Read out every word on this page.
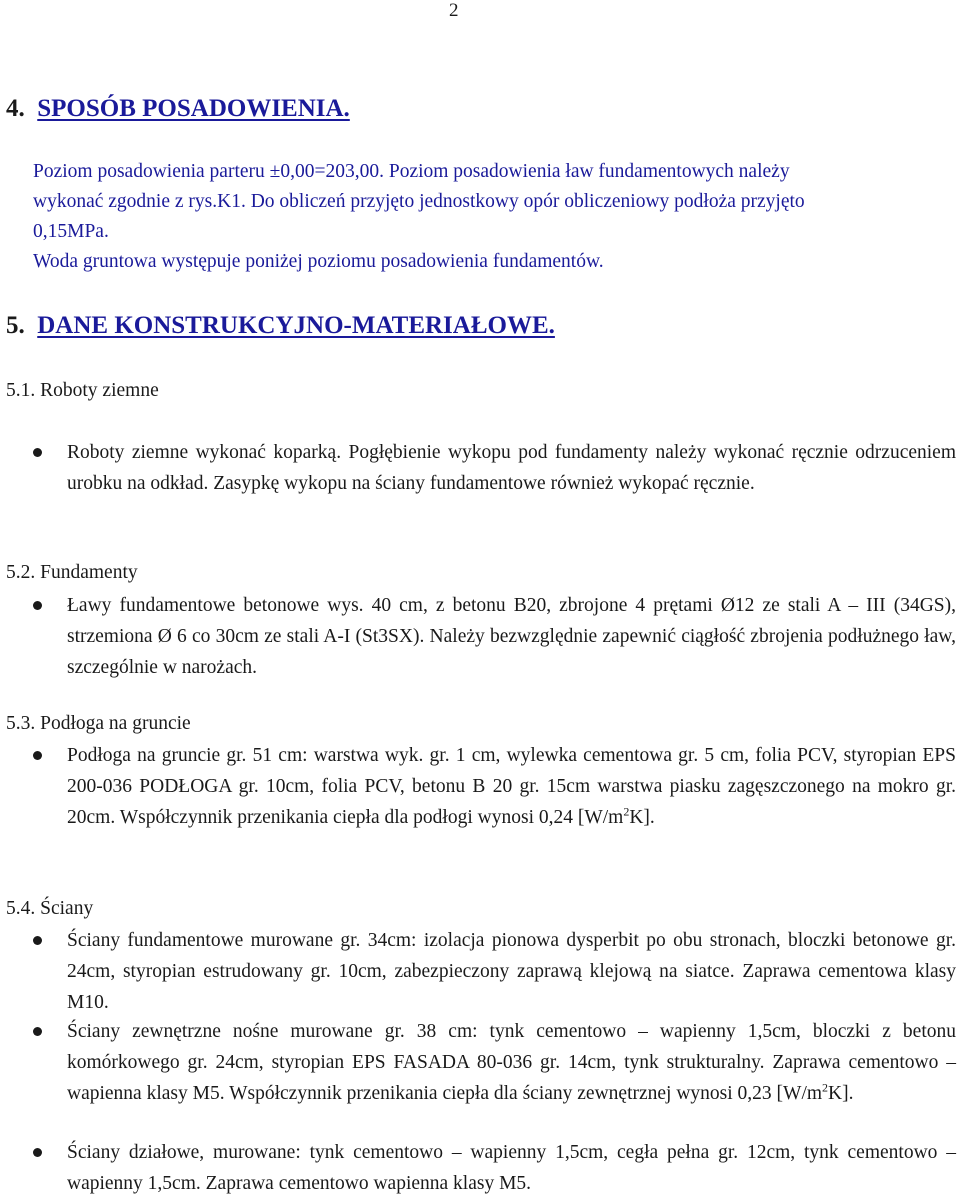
2
4. SPOSÓB POSADOWIENIA.
Poziom posadowienia parteru ±0,00=203,00. Poziom posadowienia ław fundamentowych należy
wykonać zgodnie z rys.K1. Do obliczeń przyjęto jednostkowy opór obliczeniowy podłoża przyjęto
0,15MPa.
Woda gruntowa występuje poniżej poziomu posadowienia fundamentów.
5. DANE KONSTRUKCYJNO-MATERIAŁOWE.
5.1. Roboty ziemne
Roboty ziemne wykonać koparką. Pogłębienie wykopu pod fundamenty należy wykonać ręcznie odrzuceniem urobku na odkład. Zasypkę wykopu na ściany fundamentowe również wykopać ręcznie.
5.2. Fundamenty
Ławy fundamentowe betonowe wys. 40 cm, z betonu B20, zbrojone 4 prętami Ø12 ze stali A – III (34GS), strzemiona Ø 6 co 30cm ze stali A-I (St3SX). Należy bezwzględnie zapewnić ciągłość zbrojenia podłużnego ław, szczególnie w narożach.
5.3. Podłoga na gruncie
Podłoga na gruncie gr. 51 cm: warstwa wyk. gr. 1 cm, wylewka cementowa gr. 5 cm, folia PCV, styropian EPS 200-036 PODŁOGA gr. 10cm, folia PCV, betonu B 20 gr. 15cm warstwa piasku zagęszczonego na mokro gr. 20cm. Współczynnik przenikania ciepła dla podłogi wynosi 0,24 $[W/m^2K]$.
5.4. Ściany
Ściany fundamentowe murowane gr. 34cm: izolacja pionowa dysperbit po obu stronach, bloczki betonowe gr. 24cm, styropian estrudowany gr. 10cm, zabezpieczony zaprawą klejową na siatce. Zaprawa cementowa klasy M10.
Ściany zewnętrzne nośne murowane gr. 38 cm: tynk cementowo – wapienny 1,5cm, bloczki z betonu komórkowego gr. 24cm, styropian EPS FASADA 80-036 gr. 14cm, tynk strukturalny. Zaprawa cementowo – wapienna klasy M5. Współczynnik przenikania ciepła dla ściany zewnętrznej wynosi 0,23 $[W/m^2K]$.
Ściany działowe, murowane: tynk cementowo – wapienny 1,5cm, cegła pełna gr. 12cm, tynk cementowo – wapienny 1,5cm. Zaprawa cementowo wapienna klasy M5.
